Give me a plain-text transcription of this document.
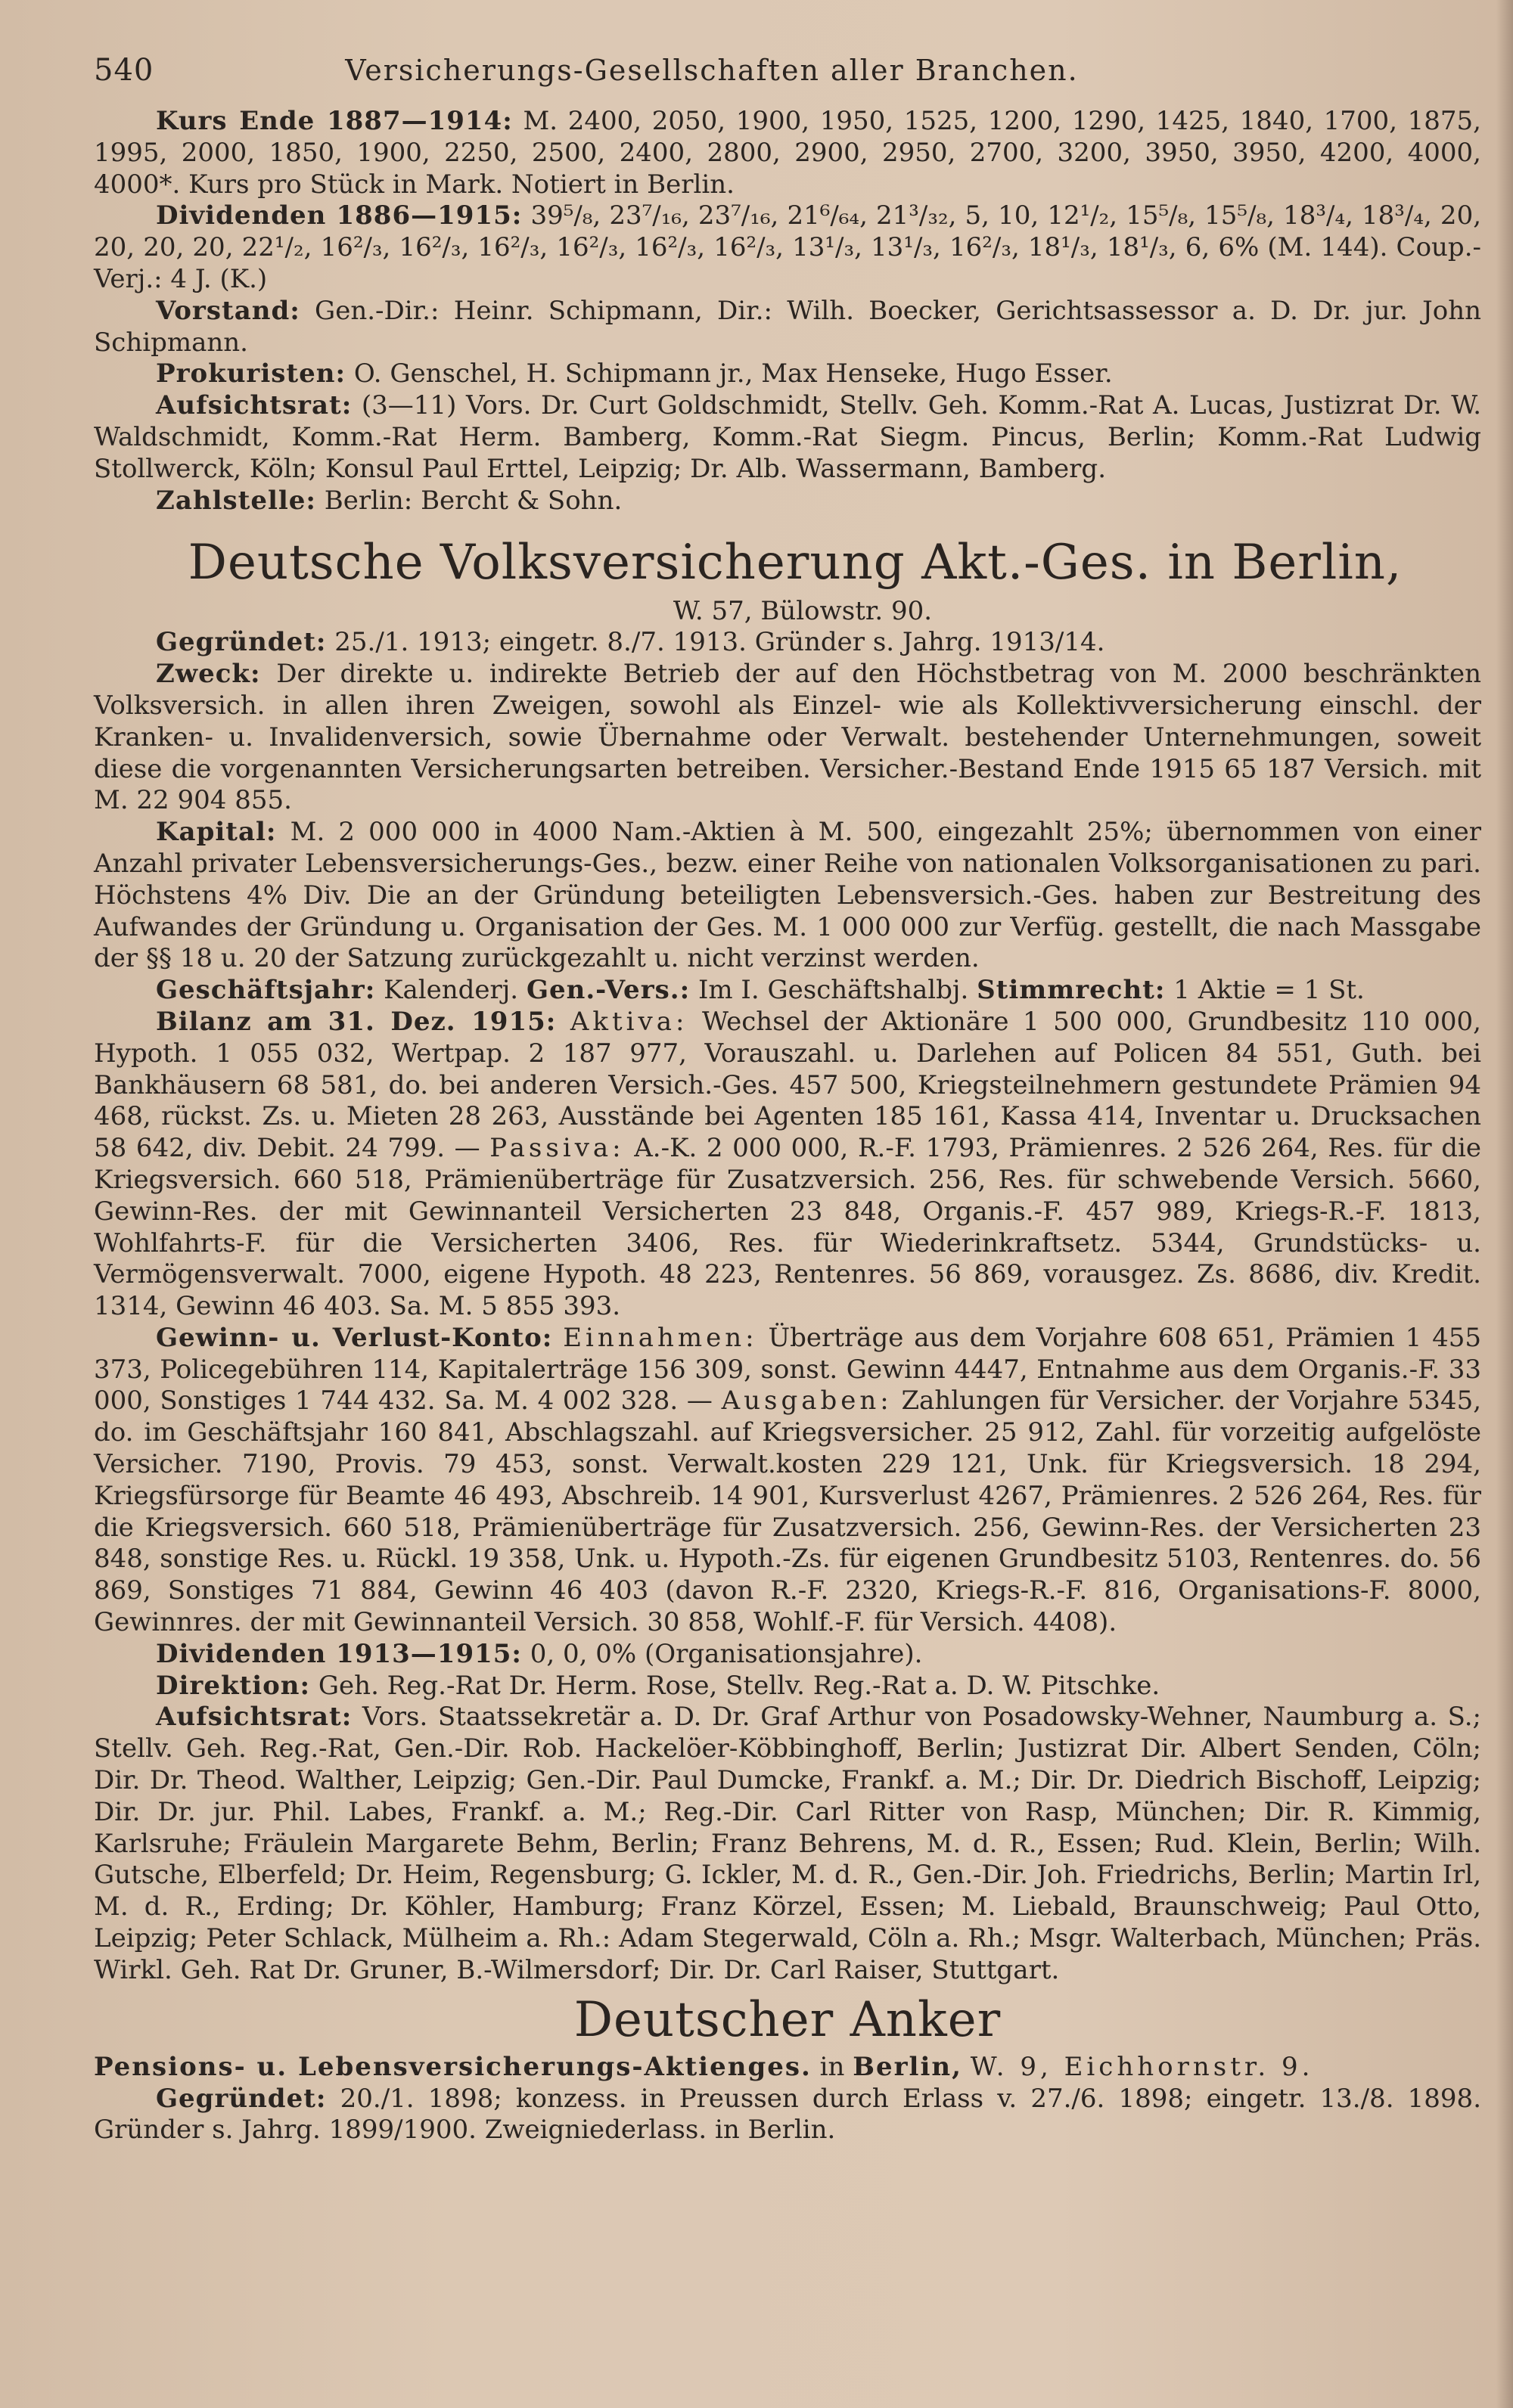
540	Versicherungs-Gesellschaften aller Branchen.

Kurs Ende 1887—1914: M. 2400, 2050, 1900, 1950, 1525, 1200, 1290, 1425, 1840, 1700, 1875, 1995, 2000, 1850, 1900, 2250, 2500, 2400, 2800, 2900, 2950, 2700, 3200, 3950, 3950, 4200, 4000, 4000*. Kurs pro Stück in Mark. Notiert in Berlin.

Dividenden 1886—1915: 39⁵/₈, 23⁷/₁₆, 23⁷/₁₆, 21⁶/₆₄, 21³/₃₂, 5, 10, 12¹/₂, 15⁵/₈, 15⁵/₈, 18³/₄, 18³/₄, 20, 20, 20, 20, 22¹/₂, 16²/₃, 16²/₃, 16²/₃, 16²/₃, 16²/₃, 16²/₃, 13¹/₃, 13¹/₃, 16²/₃, 18¹/₃, 18¹/₃, 6, 6% (M. 144). Coup.-Verj.: 4 J. (K.)

Vorstand: Gen.-Dir.: Heinr. Schipmann, Dir.: Wilh. Boecker, Gerichtsassessor a. D. Dr. jur. John Schipmann.

Prokuristen: O. Genschel, H. Schipmann jr., Max Henseke, Hugo Esser.

Aufsichtsrat: (3—11) Vors. Dr. Curt Goldschmidt, Stellv. Geh. Komm.-Rat A. Lucas, Justizrat Dr. W. Waldschmidt, Komm.-Rat Herm. Bamberg, Komm.-Rat Siegm. Pincus, Berlin; Komm.-Rat Ludwig Stollwerck, Köln; Konsul Paul Erttel, Leipzig; Dr. Alb. Wassermann, Bamberg.

Zahlstelle: Berlin: Bercht & Sohn.

Deutsche Volksversicherung Akt.-Ges. in Berlin,
W. 57, Bülowstr. 90.

Gegründet: 25./1. 1913; eingetr. 8./7. 1913. Gründer s. Jahrg. 1913/14.

Zweck: Der direkte u. indirekte Betrieb der auf den Höchstbetrag von M. 2000 beschränkten Volksversich. in allen ihren Zweigen, sowohl als Einzel- wie als Kollektivversicherung einschl. der Kranken- u. Invalidenversich, sowie Übernahme oder Verwalt. bestehender Unternehmungen, soweit diese die vorgenannten Versicherungsarten betreiben. Versicher.-Bestand Ende 1915 65 187 Versich. mit M. 22 904 855.

Kapital: M. 2 000 000 in 4000 Nam.-Aktien à M. 500, eingezahlt 25%; übernommen von einer Anzahl privater Lebensversicherungs-Ges., bezw. einer Reihe von nationalen Volksorganisationen zu pari. Höchstens 4% Div. Die an der Gründung beteiligten Lebensversich.-Ges. haben zur Bestreitung des Aufwandes der Gründung u. Organisation der Ges. M. 1 000 000 zur Verfüg. gestellt, die nach Massgabe der §§ 18 u. 20 der Satzung zurückgezahlt u. nicht verzinst werden.

Geschäftsjahr: Kalenderj. Gen.-Vers.: Im I. Geschäftshalbj. Stimmrecht: 1 Aktie = 1 St.

Bilanz am 31. Dez. 1915: Aktiva: Wechsel der Aktionäre 1 500 000, Grundbesitz 110 000, Hypoth. 1 055 032, Wertpap. 2 187 977, Vorauszahl. u. Darlehen auf Policen 84 551, Guth. bei Bankhäusern 68 581, do. bei anderen Versich.-Ges. 457 500, Kriegsteilnehmern gestundete Prämien 94 468, rückst. Zs. u. Mieten 28 263, Ausstände bei Agenten 185 161, Kassa 414, Inventar u. Drucksachen 58 642, div. Debit. 24 799. — Passiva: A.-K. 2 000 000, R.-F. 1793, Prämienres. 2 526 264, Res. für die Kriegsversich. 660 518, Prämienüberträge für Zusatzversich. 256, Res. für schwebende Versich. 5660, Gewinn-Res. der mit Gewinnanteil Versicherten 23 848, Organis.-F. 457 989, Kriegs-R.-F. 1813, Wohlfahrts-F. für die Versicherten 3406, Res. für Wiederinkraftsetz. 5344, Grundstücks- u. Vermögensverwalt. 7000, eigene Hypoth. 48 223, Rentenres. 56 869, vorausgez. Zs. 8686, div. Kredit. 1314, Gewinn 46 403. Sa. M. 5 855 393.

Gewinn- u. Verlust-Konto: Einnahmen: Überträge aus dem Vorjahre 608 651, Prämien 1 455 373, Policegebühren 114, Kapitalerträge 156 309, sonst. Gewinn 4447, Entnahme aus dem Organis.-F. 33 000, Sonstiges 1 744 432. Sa. M. 4 002 328. — Ausgaben: Zahlungen für Versicher. der Vorjahre 5345, do. im Geschäftsjahr 160 841, Abschlagszahl. auf Kriegsversicher. 25 912, Zahl. für vorzeitig aufgelöste Versicher. 7190, Provis. 79 453, sonst. Verwalt.kosten 229 121, Unk. für Kriegsversich. 18 294, Kriegsfürsorge für Beamte 46 493, Abschreib. 14 901, Kursverlust 4267, Prämienres. 2 526 264, Res. für die Kriegsversich. 660 518, Prämienüberträge für Zusatzversich. 256, Gewinn-Res. der Versicherten 23 848, sonstige Res. u. Rückl. 19 358, Unk. u. Hypoth.-Zs. für eigenen Grundbesitz 5103, Rentenres. do. 56 869, Sonstiges 71 884, Gewinn 46 403 (davon R.-F. 2320, Kriegs-R.-F. 816, Organisations-F. 8000, Gewinnres. der mit Gewinnanteil Versich. 30 858, Wohlf.-F. für Versich. 4408).

Dividenden 1913—1915: 0, 0, 0% (Organisationsjahre).

Direktion: Geh. Reg.-Rat Dr. Herm. Rose, Stellv. Reg.-Rat a. D. W. Pitschke.

Aufsichtsrat: Vors. Staatssekretär a. D. Dr. Graf Arthur von Posadowsky-Wehner, Naumburg a. S.; Stellv. Geh. Reg.-Rat, Gen.-Dir. Rob. Hackelöer-Köbbinghoff, Berlin; Justizrat Dir. Albert Senden, Cöln; Dir. Dr. Theod. Walther, Leipzig; Gen.-Dir. Paul Dumcke, Frankf. a. M.; Dir. Dr. Diedrich Bischoff, Leipzig; Dir. Dr. jur. Phil. Labes, Frankf. a. M.; Reg.-Dir. Carl Ritter von Rasp, München; Dir. R. Kimmig, Karlsruhe; Fräulein Margarete Behm, Berlin; Franz Behrens, M. d. R., Essen; Rud. Klein, Berlin; Wilh. Gutsche, Elberfeld; Dr. Heim, Regensburg; G. Ickler, M. d. R., Gen.-Dir. Joh. Friedrichs, Berlin; Martin Irl, M. d. R., Erding; Dr. Köhler, Hamburg; Franz Körzel, Essen; M. Liebald, Braunschweig; Paul Otto, Leipzig; Peter Schlack, Mülheim a. Rh.: Adam Stegerwald, Cöln a. Rh.; Msgr. Walterbach, München; Präs. Wirkl. Geh. Rat Dr. Gruner, B.-Wilmersdorf; Dir. Dr. Carl Raiser, Stuttgart.

Deutscher Anker
Pensions- u. Lebensversicherungs-Aktienges. in Berlin, W. 9, Eichhornstr. 9.

Gegründet: 20./1. 1898; konzess. in Preussen durch Erlass v. 27./6. 1898; eingetr. 13./8. 1898. Gründer s. Jahrg. 1899/1900. Zweigniederlass. in Berlin.
